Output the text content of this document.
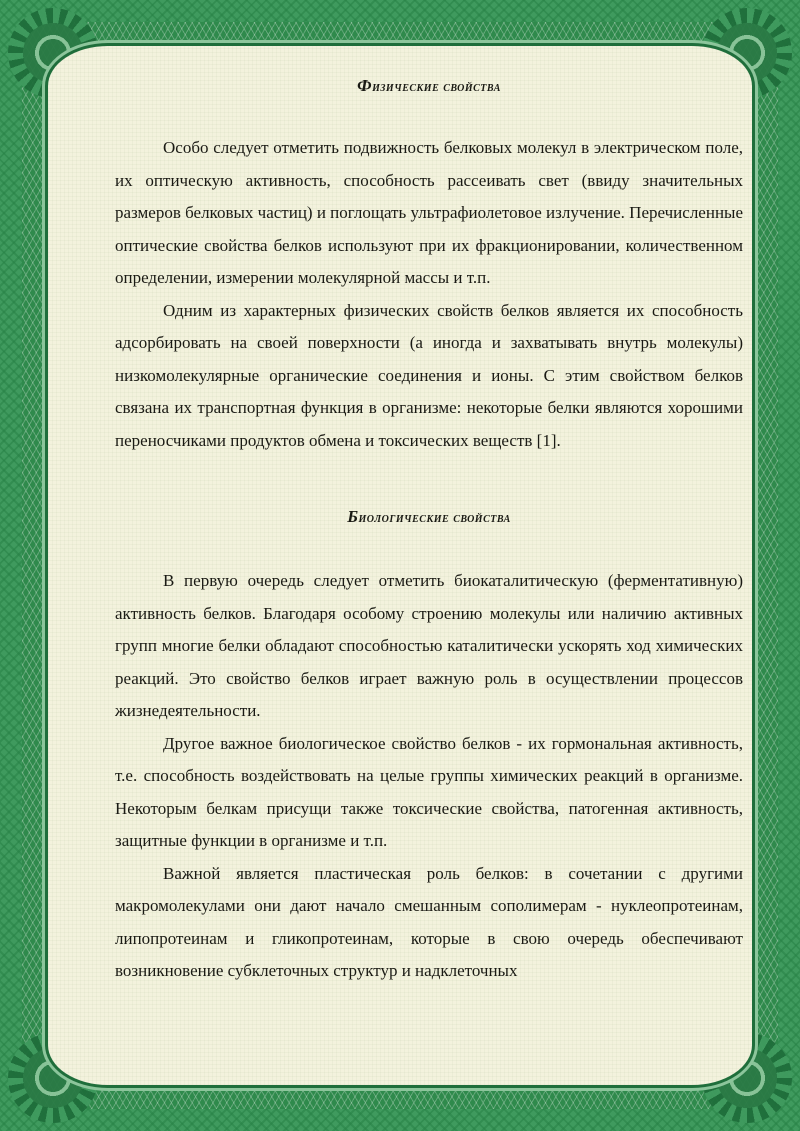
Физические свойства

Особо следует отметить подвижность белковых молекул в электрическом поле, их оптическую активность, способность рассеивать свет (ввиду значительных размеров белковых частиц) и поглощать ультрафиолетовое излучение. Перечисленные оптические свойства белков используют при их фракционировании, количественном определении, измерении молекулярной массы и т.п.

Одним из характерных физических свойств белков является их способность адсорбировать на своей поверхности (а иногда и захватывать внутрь молекулы) низкомолекулярные органические соединения и ионы. С этим свойством белков связана их транспортная функция в организме: некоторые белки являются хорошими переносчиками продуктов обмена и токсических веществ [1].

Биологические свойства

В первую очередь следует отметить биокаталитическую (ферментативную) активность белков. Благодаря особому строению молекулы или наличию активных групп многие белки обладают способностью каталитически ускорять ход химических реакций. Это свойство белков играет важную роль в осуществлении процессов жизнедеятельности.

Другое важное биологическое свойство белков - их гормональная активность, т.е. способность воздействовать на целые группы химических реакций в организме. Некоторым белкам присущи также токсические свойства, патогенная активность, защитные функции в организме и т.п.

Важной является пластическая роль белков: в сочетании с другими макромолекулами они дают начало смешанным сополимерам - нуклеопротеинам, липопротеинам и гликопротеинам, которые в свою очередь обеспечивают возникновение субклеточных структур и надклеточных
